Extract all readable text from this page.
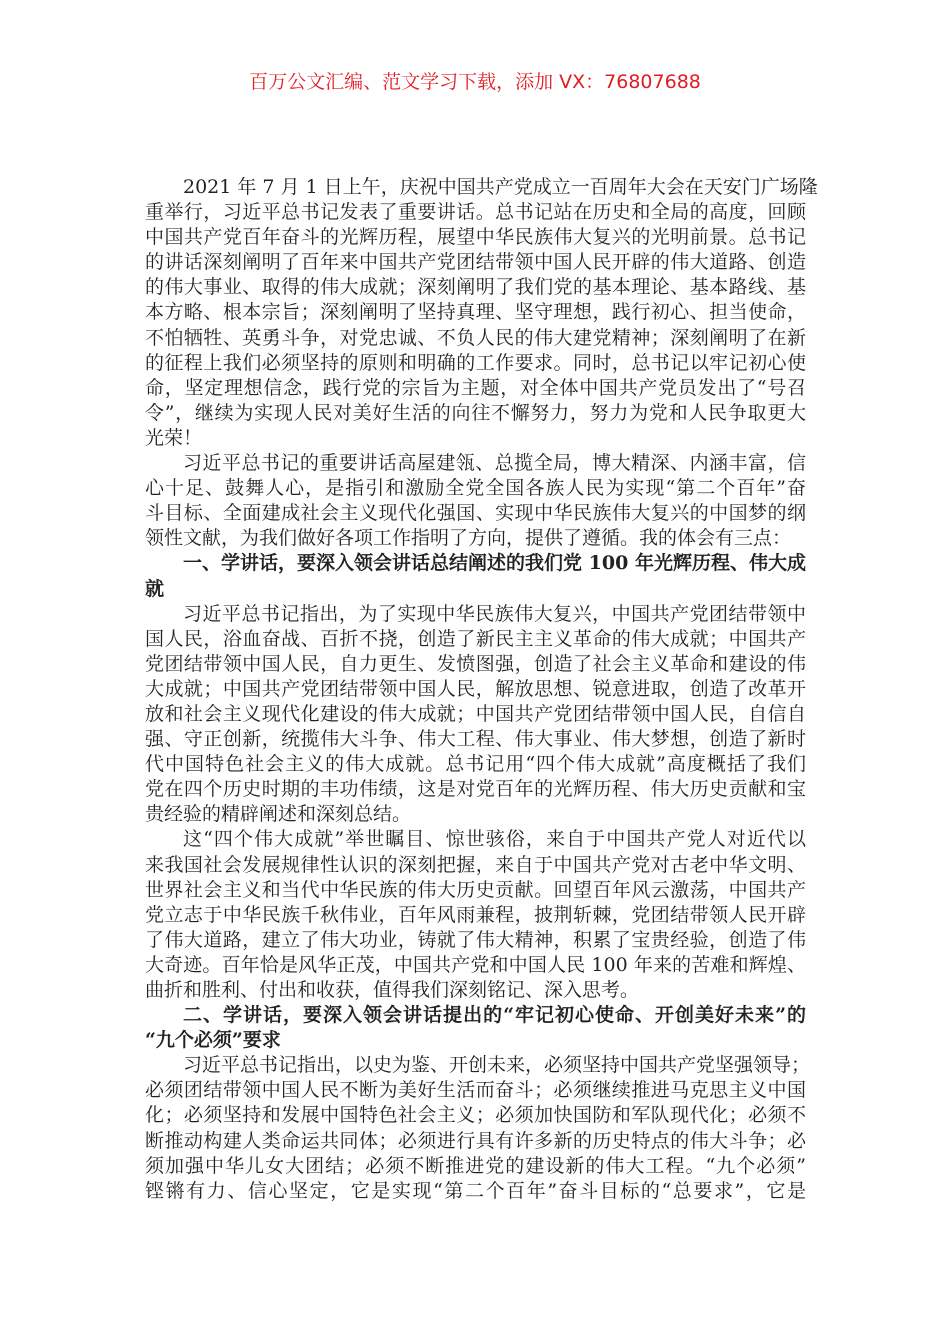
百万公文汇编、范文学习下载，添加 VX：76807688
2021 年 7 月 1 日上午，庆祝中国共产党成立一百周年大会在天安门广场隆
重举行，习近平总书记发表了重要讲话。总书记站在历史和全局的高度，回顾
中国共产党百年奋斗的光辉历程，展望中华民族伟大复兴的光明前景。总书记
的讲话深刻阐明了百年来中国共产党团结带领中国人民开辟的伟大道路、创造
的伟大事业、取得的伟大成就；深刻阐明了我们党的基本理论、基本路线、基
本方略、根本宗旨；深刻阐明了坚持真理、坚守理想，践行初心、担当使命，
不怕牺牲、英勇斗争，对党忠诚、不负人民的伟大建党精神；深刻阐明了在新
的征程上我们必须坚持的原则和明确的工作要求。同时，总书记以牢记初心使
命，坚定理想信念，践行党的宗旨为主题，对全体中国共产党员发出了“号召
令”，继续为实现人民对美好生活的向往不懈努力，努力为党和人民争取更大
光荣！
习近平总书记的重要讲话高屋建瓴、总揽全局，博大精深、内涵丰富，信
心十足、鼓舞人心，是指引和激励全党全国各族人民为实现“第二个百年”奋
斗目标、全面建成社会主义现代化强国、实现中华民族伟大复兴的中国梦的纲
领性文献，为我们做好各项工作指明了方向，提供了遵循。我的体会有三点：
一、学讲话，要深入领会讲话总结阐述的我们党 100 年光辉历程、伟大成
就
习近平总书记指出，为了实现中华民族伟大复兴，中国共产党团结带领中
国人民，浴血奋战、百折不挠，创造了新民主主义革命的伟大成就；中国共产
党团结带领中国人民，自力更生、发愤图强，创造了社会主义革命和建设的伟
大成就；中国共产党团结带领中国人民，解放思想、锐意进取，创造了改革开
放和社会主义现代化建设的伟大成就；中国共产党团结带领中国人民，自信自
强、守正创新，统揽伟大斗争、伟大工程、伟大事业、伟大梦想，创造了新时
代中国特色社会主义的伟大成就。总书记用“四个伟大成就”高度概括了我们
党在四个历史时期的丰功伟绩，这是对党百年的光辉历程、伟大历史贡献和宝
贵经验的精辟阐述和深刻总结。
这“四个伟大成就”举世瞩目、惊世骇俗，来自于中国共产党人对近代以
来我国社会发展规律性认识的深刻把握，来自于中国共产党对古老中华文明、
世界社会主义和当代中华民族的伟大历史贡献。回望百年风云激荡，中国共产
党立志于中华民族千秋伟业，百年风雨兼程，披荆斩棘，党团结带领人民开辟
了伟大道路，建立了伟大功业，铸就了伟大精神，积累了宝贵经验，创造了伟
大奇迹。百年恰是风华正茂，中国共产党和中国人民 100 年来的苦难和辉煌、
曲折和胜利、付出和收获，值得我们深刻铭记、深入思考。
二、学讲话，要深入领会讲话提出的“牢记初心使命、开创美好未来”的
“九个必须”要求
习近平总书记指出，以史为鉴、开创未来，必须坚持中国共产党坚强领导；
必须团结带领中国人民不断为美好生活而奋斗；必须继续推进马克思主义中国
化；必须坚持和发展中国特色社会主义；必须加快国防和军队现代化；必须不
断推动构建人类命运共同体；必须进行具有许多新的历史特点的伟大斗争；必
须加强中华儿女大团结；必须不断推进党的建设新的伟大工程。“九个必须”
铿锵有力、信心坚定，它是实现“第二个百年”奋斗目标的“总要求”，它是
